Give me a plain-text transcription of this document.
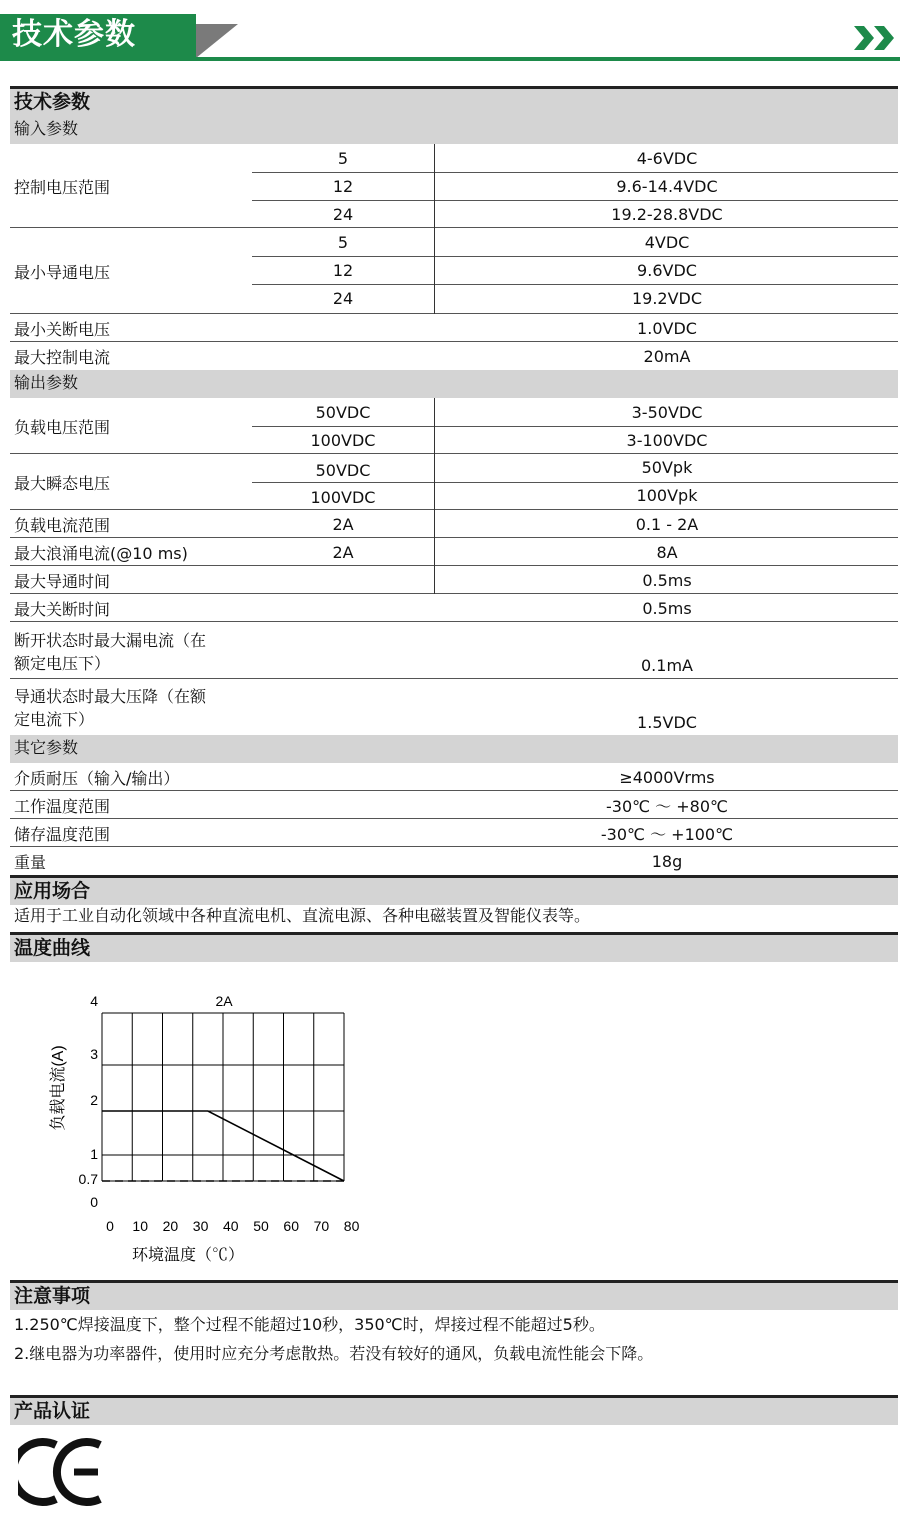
技术参数
技术参数
输入参数
控制电压范围
5	4-6VDC
12	9.6-14.4VDC
24	19.2-28.8VDC
最小导通电压
5	4VDC
12	9.6VDC
24	19.2VDC
最小关断电压	1.0VDC
最大控制电流	20mA
输出参数
负载电压范围
50VDC	3-50VDC
100VDC	3-100VDC
最大瞬态电压
50VDC	50Vpk
100VDC	100Vpk
负载电流范围	2A	0.1 - 2A
最大浪涌电流(@10 ms)	2A	8A
最大导通时间	0.5ms
最大关断时间	0.5ms
断开状态时最大漏电流（在
额定电压下）	0.1mA
导通状态时最大压降（在额
定电流下）	1.5VDC
其它参数
介质耐压（输入/输出）	≥4000Vrms
工作温度范围	-30℃ ～ +80℃
储存温度范围	-30℃ ～ +100℃
重量	18g
应用场合
适用于工业自动化领域中各种直流电机、直流电源、各种电磁装置及智能仪表等。
温度曲线
0 10 20 30 40 50 60 70 80
0
0.7
1
2
3
4	2A
环境温度（℃）
负载电流(A)
注意事项
1.250℃焊接温度下，整个过程不能超过10秒，350℃时，焊接过程不能超过5秒。
2.继电器为功率器件，使用时应充分考虑散热。若没有较好的通风，负载电流性能会下降。
产品认证
